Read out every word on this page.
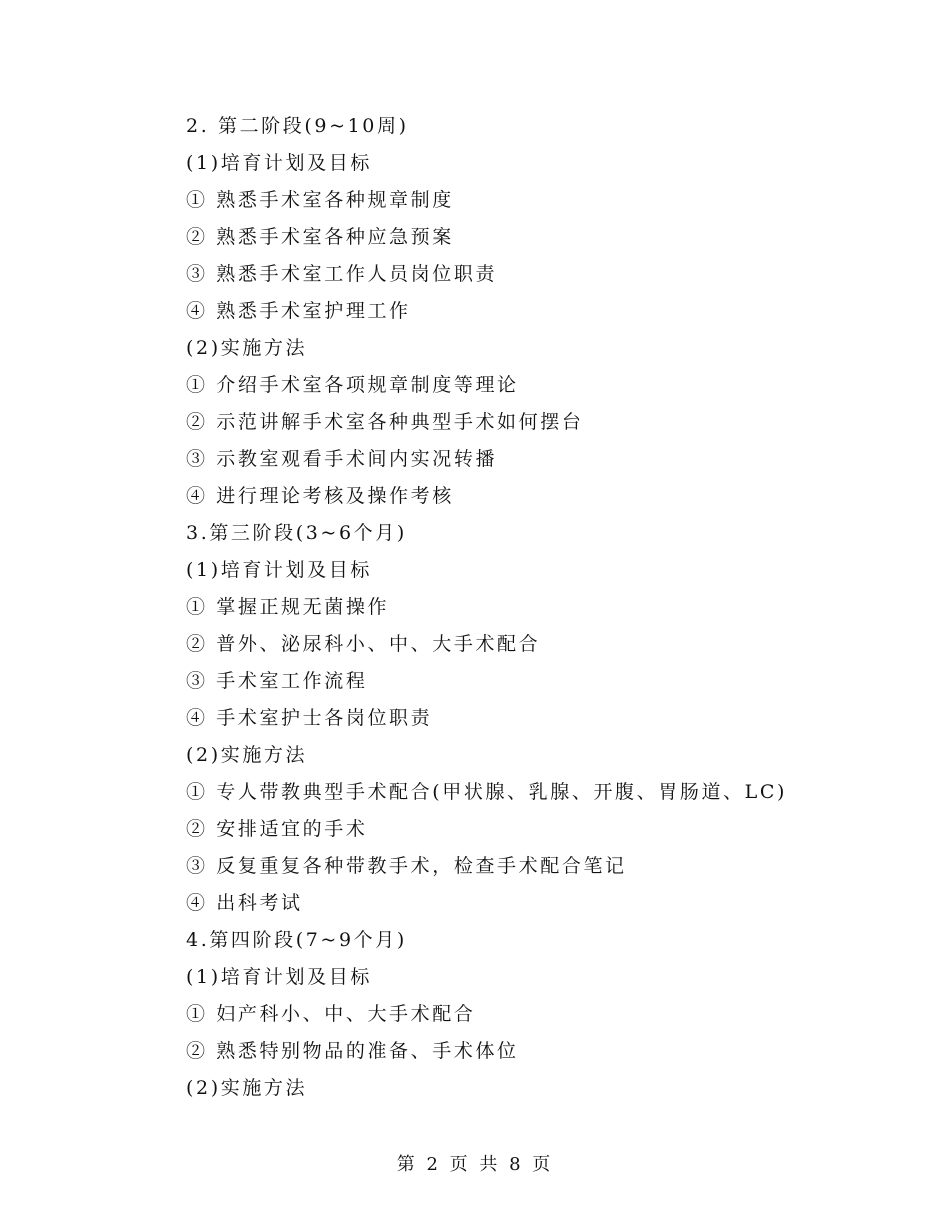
2. 第二阶段(9~10周)
(1)培育计划及目标
① 熟悉手术室各种规章制度
② 熟悉手术室各种应急预案
③ 熟悉手术室工作人员岗位职责
④ 熟悉手术室护理工作
(2)实施方法
① 介绍手术室各项规章制度等理论
② 示范讲解手术室各种典型手术如何摆台
③ 示教室观看手术间内实况转播
④ 进行理论考核及操作考核
3.第三阶段(3~6个月)
(1)培育计划及目标
① 掌握正规无菌操作
② 普外、泌尿科小、中、大手术配合
③ 手术室工作流程
④ 手术室护士各岗位职责
(2)实施方法
① 专人带教典型手术配合(甲状腺、乳腺、开腹、胃肠道、LC)
② 安排适宜的手术
③ 反复重复各种带教手术，检查手术配合笔记
④ 出科考试
4.第四阶段(7~9个月)
(1)培育计划及目标
① 妇产科小、中、大手术配合
② 熟悉特别物品的准备、手术体位
(2)实施方法
第 2 页 共 8 页
